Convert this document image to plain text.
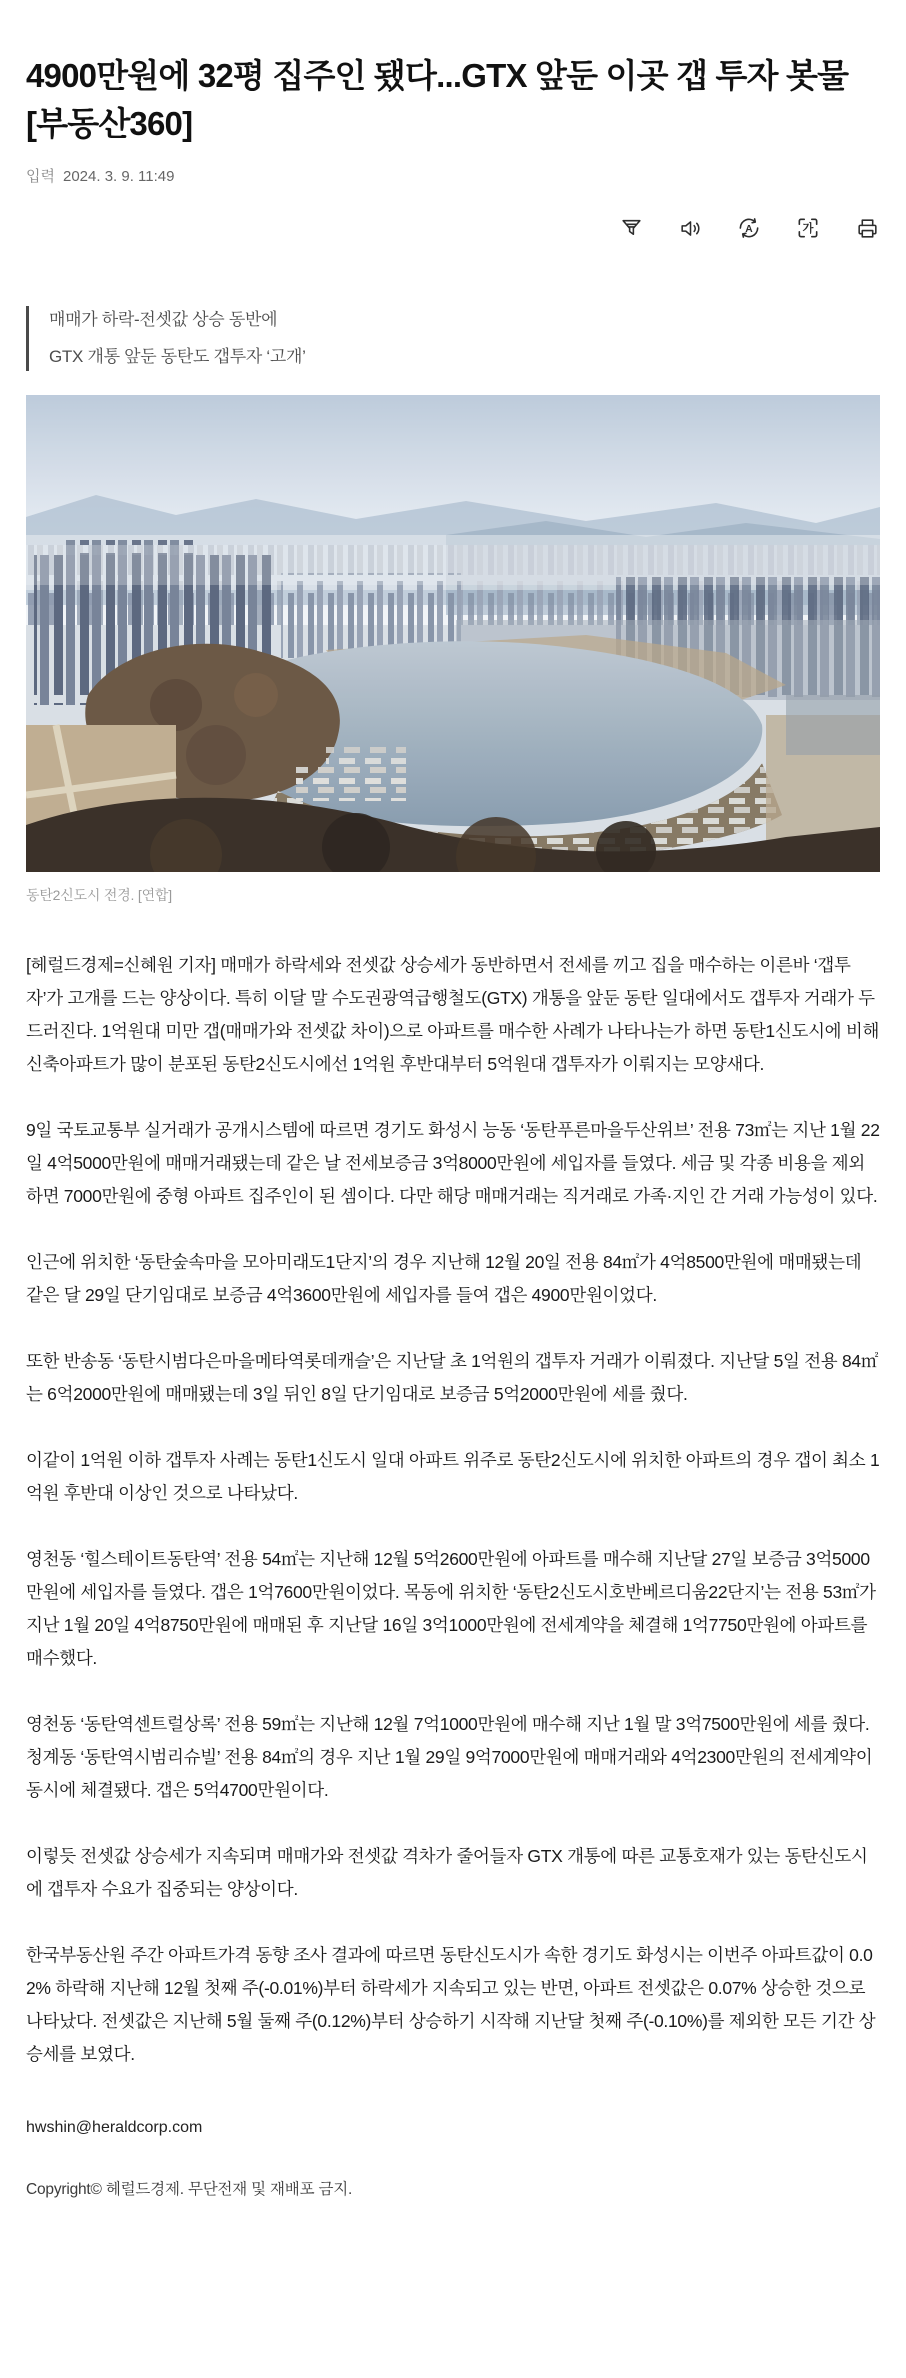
4900만원에 32평 집주인 됐다...GTX 앞둔 이곳 갭 투자 봇물 [부동산360]
입력 2024. 3. 9. 11:49
A	가

매매가 하락-전셋값 상승 동반에

GTX 개통 앞둔 동탄도 갭투자 ‘고개’

동탄2신도시 전경. [연합]

[헤럴드경제=신혜원 기자] 매매가 하락세와 전셋값 상승세가 동반하면서 전세를 끼고 집을 매수하는 이른바 ‘갭투자’가 고개를 드는 양상이다. 특히 이달 말 수도권광역급행철도(GTX) 개통을 앞둔 동탄 일대에서도 갭투자 거래가 두드러진다. 1억원대 미만 갭(매매가와 전셋값 차이)으로 아파트를 매수한 사례가 나타나는가 하면 동탄1신도시에 비해 신축아파트가 많이 분포된 동탄2신도시에선 1억원 후반대부터 5억원대 갭투자가 이뤄지는 모양새다.

9일 국토교통부 실거래가 공개시스템에 따르면 경기도 화성시 능동 ‘동탄푸른마을두산위브’ 전용 73㎡는 지난 1월 22일 4억5000만원에 매매거래됐는데 같은 날 전세보증금 3억8000만원에 세입자를 들였다. 세금 및 각종 비용을 제외하면 7000만원에 중형 아파트 집주인이 된 셈이다. 다만 해당 매매거래는 직거래로 가족·지인 간 거래 가능성이 있다.

인근에 위치한 ‘동탄숲속마을 모아미래도1단지’의 경우 지난해 12월 20일 전용 84㎡가 4억8500만원에 매매됐는데 같은 달 29일 단기임대로 보증금 4억3600만원에 세입자를 들여 갭은 4900만원이었다.

또한 반송동 ‘동탄시범다은마을메타역롯데캐슬’은 지난달 초 1억원의 갭투자 거래가 이뤄졌다. 지난달 5일 전용 84㎡는 6억2000만원에 매매됐는데 3일 뒤인 8일 단기임대로 보증금 5억2000만원에 세를 줬다.

이같이 1억원 이하 갭투자 사례는 동탄1신도시 일대 아파트 위주로 동탄2신도시에 위치한 아파트의 경우 갭이 최소 1억원 후반대 이상인 것으로 나타났다.

영천동 ‘힐스테이트동탄역’ 전용 54㎡는 지난해 12월 5억2600만원에 아파트를 매수해 지난달 27일 보증금 3억5000만원에 세입자를 들였다. 갭은 1억7600만원이었다. 목동에 위치한 ‘동탄2신도시호반베르디움22단지’는 전용 53㎡가 지난 1월 20일 4억8750만원에 매매된 후 지난달 16일 3억1000만원에 전세계약을 체결해 1억7750만원에 아파트를 매수했다.

영천동 ‘동탄역센트럴상록’ 전용 59㎡는 지난해 12월 7억1000만원에 매수해 지난 1월 말 3억7500만원에 세를 줬다. 청계동 ‘동탄역시범리슈빌’ 전용 84㎡의 경우 지난 1월 29일 9억7000만원에 매매거래와 4억2300만원의 전세계약이 동시에 체결됐다. 갭은 5억4700만원이다.

이렇듯 전셋값 상승세가 지속되며 매매가와 전셋값 격차가 줄어들자 GTX 개통에 따른 교통호재가 있는 동탄신도시에 갭투자 수요가 집중되는 양상이다.

한국부동산원 주간 아파트가격 동향 조사 결과에 따르면 동탄신도시가 속한 경기도 화성시는 이번주 아파트값이 0.02% 하락해 지난해 12월 첫째 주(-0.01%)부터 하락세가 지속되고 있는 반면, 아파트 전셋값은 0.07% 상승한 것으로 나타났다. 전셋값은 지난해 5월 둘째 주(0.12%)부터 상승하기 시작해 지난달 첫째 주(-0.10%)를 제외한 모든 기간 상승세를 보였다.

hwshin@heraldcorp.com

Copyright© 헤럴드경제. 무단전재 및 재배포 금지.
